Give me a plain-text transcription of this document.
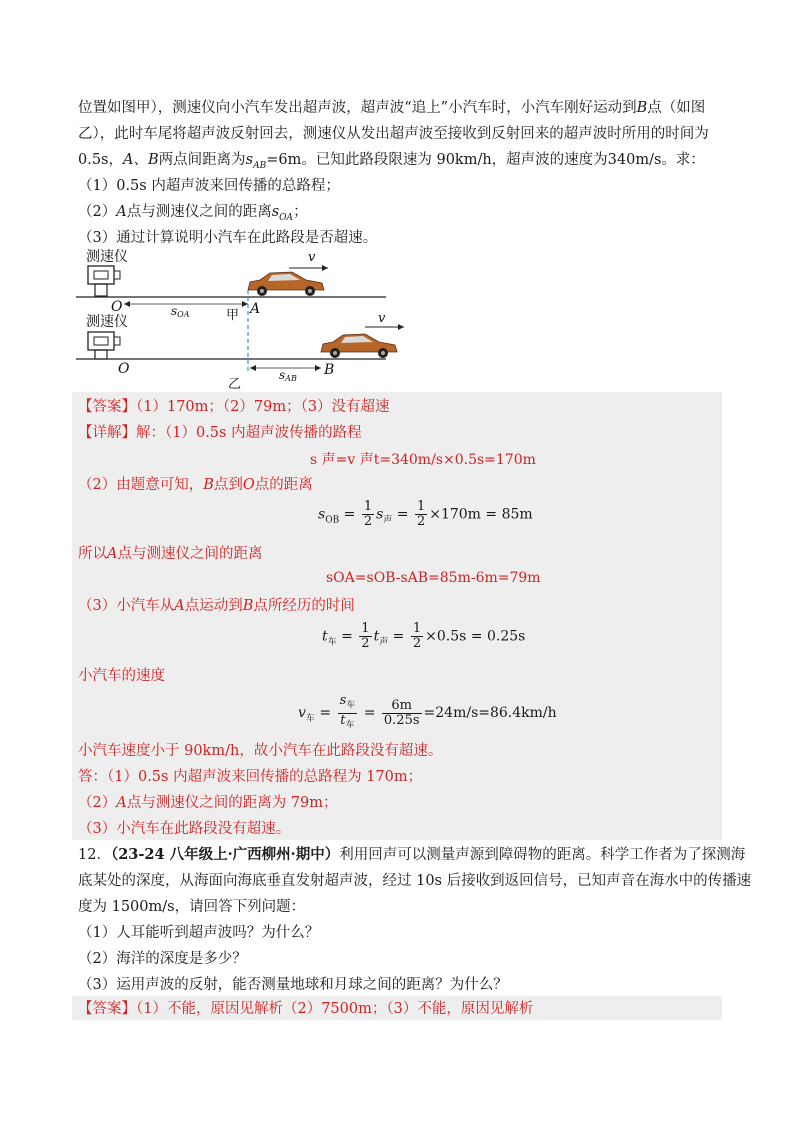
位置如图甲），测速仪向小汽车发出超声波，超声波“追上”小汽车时，小汽车刚好运动到B点（如图
乙），此时车尾将超声波反射回去，测速仪从发出超声波至接收到反射回来的超声波时所用的时间为
0.5s，A、B两点间距离为$s_{AB}=6m$。已知此路段限速为 90km/h，超声波的速度为340m/s。求：
（1）0.5s 内超声波来回传播的总路程；
（2）A点与测速仪之间的距离$s_{OA}$；
（3）通过计算说明小汽车在此路段是否超速。
测速仪	v
O	sOA	A
甲
测速仪	v
O	sAB
B
乙
【答案】（1）170m；（2）79m；（3）没有超速
【详解】解：（1）0.5s 内超声波传播的路程
s 声=v 声t=340m/s×0.5s=170m
（2）由题意可知，B点到O点的距离
$s_{OB} = \frac{1}{2} s_声 = \frac{1}{2} \times 170m = 85m$
所以A点与测速仪之间的距离
sOA=sOB-sAB=85m-6m=79m
（3）小汽车从A点运动到B点所经历的时间
$t_车 = \frac{1}{2} t_声 = \frac{1}{2} \times 0.5s = 0.25s$
小汽车的速度
$v_车 = \frac{s_车}{t_车} = \frac{6m}{0.25s} =24m/s=86.4km/h$
小汽车速度小于 90km/h，故小汽车在此路段没有超速。
答：（1）0.5s 内超声波来回传播的总路程为 170m；
（2）A点与测速仪之间的距离为 79m；
（3）小汽车在此路段没有超速。
12．（23-24 八年级上·广西柳州·期中）利用回声可以测量声源到障碍物的距离。科学工作者为了探测海
底某处的深度，从海面向海底垂直发射超声波，经过 10s 后接收到返回信号，已知声音在海水中的传播速
度为 1500m/s，请回答下列问题：
（1）人耳能听到超声波吗？为什么？
（2）海洋的深度是多少？
（3）运用声波的反射，能否测量地球和月球之间的距离？为什么？
【答案】（1）不能，原因见解析（2）7500m；（3）不能，原因见解析
